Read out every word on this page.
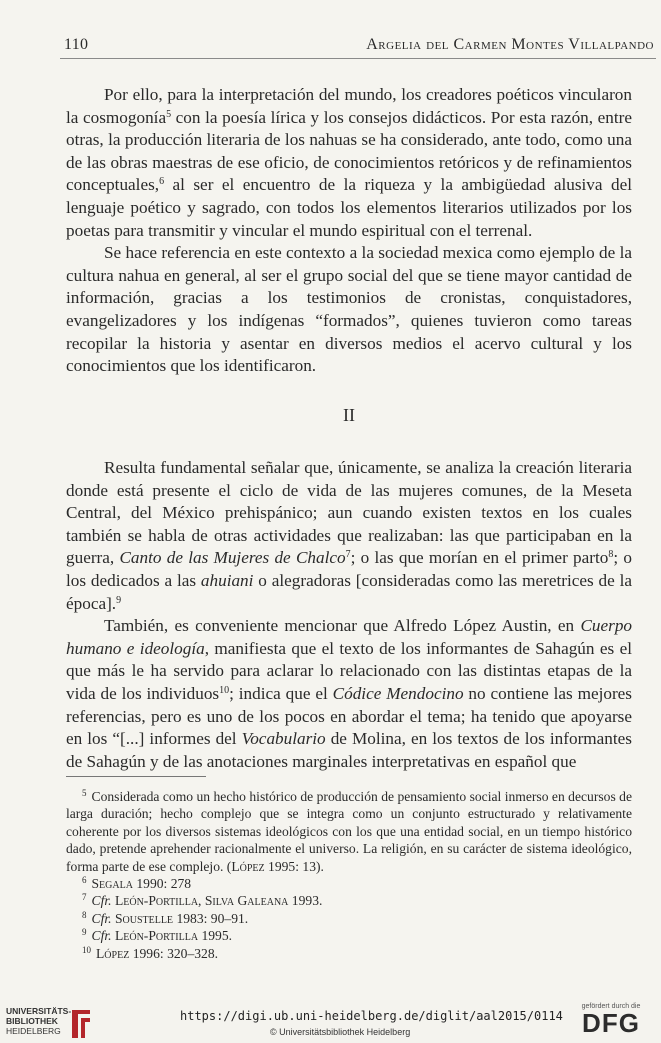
110	Argelia del Carmen Montes Villalpando

Por ello, para la interpretación del mundo, los creadores poéticos vincularon la cosmogonía$^5$ con la poesía lírica y los consejos didácticos. Por esta razón, entre otras, la producción literaria de los nahuas se ha considerado, ante todo, como una de las obras maestras de ese oficio, de conocimientos retóricos y de refinamientos conceptuales,$^6$ al ser el encuentro de la riqueza y la ambigüedad alusiva del lenguaje poético y sagrado, con todos los elementos literarios utilizados por los poetas para transmitir y vincular el mundo espiritual con el terrenal.

Se hace referencia en este contexto a la sociedad mexica como ejemplo de la cultura nahua en general, al ser el grupo social del que se tiene mayor cantidad de información, gracias a los testimonios de cronistas, conquistadores, evangelizadores y los indígenas “formados”, quienes tuvieron como tareas recopilar la historia y asentar en diversos medios el acervo cultural y los conocimientos que los identificaron.

II

Resulta fundamental señalar que, únicamente, se analiza la creación literaria donde está presente el ciclo de vida de las mujeres comunes, de la Meseta Central, del México prehispánico; aun cuando existen textos en los cuales también se habla de otras actividades que realizaban: las que participaban en la guerra, Canto de las Mujeres de Chalco$^7$; o las que morían en el primer parto$^8$; o los dedicados a las ahuiani o alegradoras [consideradas como las meretrices de la época].$^9$

También, es conveniente mencionar que Alfredo López Austin, en Cuerpo humano e ideología, manifiesta que el texto de los informantes de Sahagún es el que más le ha servido para aclarar lo relacionado con las distintas etapas de la vida de los individuos$^{10}$; indica que el Códice Mendocino no contiene las mejores referencias, pero es uno de los pocos en abordar el tema; ha tenido que apoyarse en los “[...] informes del Vocabulario de Molina, en los textos de los informantes de Sahagún y de las anotaciones marginales interpretativas en español que

$^5$ Considerada como un hecho histórico de producción de pensamiento social inmerso en decursos de larga duración; hecho complejo que se integra como un conjunto estructurado y relativamente coherente por los diversos sistemas ideológicos con los que una entidad social, en un tiempo histórico dado, pretende aprehender racionalmente el universo. La religión, en su carácter de sistema ideológico, forma parte de ese complejo. (López 1995: 13).

$^6$ Segala 1990: 278

$^7$ Cfr. León-Portilla, Silva Galeana 1993.

$^8$ Cfr. Soustelle 1983: 90–91.

$^9$ Cfr. León-Portilla 1995.

$^{10}$ López 1996: 320–328.

UNIVERSITÄTS-
BIBLIOTHEK
HEIDELBERG
https://digi.ub.uni-heidelberg.de/diglit/aal2015/0114
© Universitätsbibliothek Heidelberg
gefördert durch die
DFG
